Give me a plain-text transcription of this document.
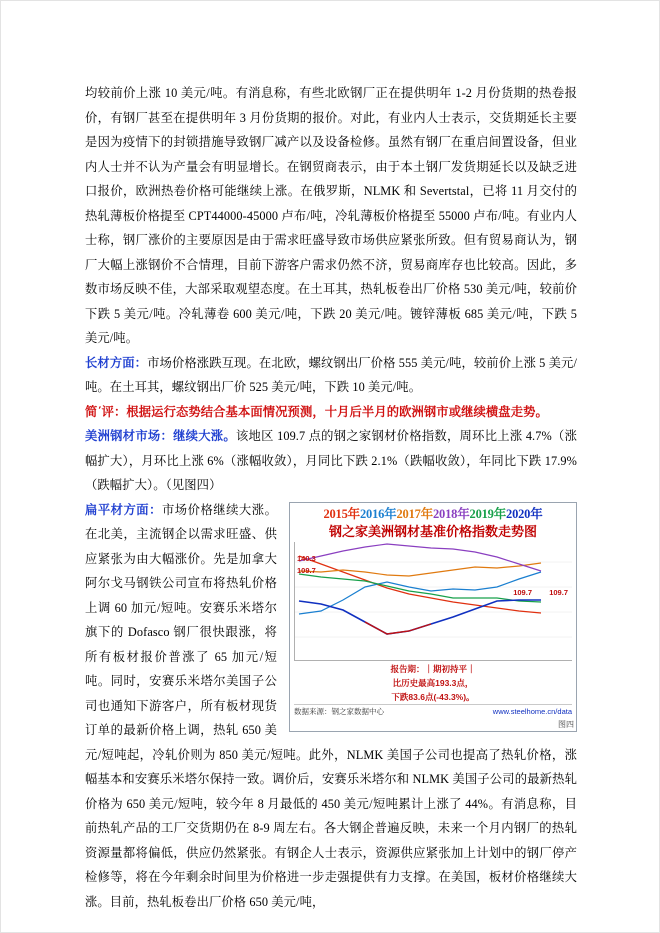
均较前价上涨 10 美元/吨。有消息称，有些北欧钢厂正在提供明年 1-2 月份货期的热卷报价，有钢厂甚至在提供明年 3 月份货期的报价。对此，有业内人士表示，交货期延长主要是因为疫情下的封锁措施导致钢厂减产以及设备检修。虽然有钢厂在重启间置设备，但业内人士并不认为产量会有明显增长。在钢贸商表示，由于本土钢厂发货期延长以及缺乏进口报价，欧洲热卷价格可能继续上涨。在俄罗斯，NLMK 和 Severtstal，已将 11 月交付的热轧薄板价格提至 CPT44000-45000 卢布/吨，冷轧薄板价格提至 55000 卢布/吨。有业内人士称，钢厂涨价的主要原因是由于需求旺盛导致市场供应紧张所致。但有贸易商认为，钢厂大幅上涨钢价不合情理，目前下游客户需求仍然不济，贸易商库存也比较高。因此，多数市场反映不佳，大部采取观望态度。在土耳其，热轧板卷出厂价格 530 美元/吨，较前价下跌 5 美元/吨。冷轧薄卷 600 美元/吨，下跌 20 美元/吨。镀锌薄板 685 美元/吨，下跌 5 美元/吨。

长材方面：市场价格涨跌互现。在北欧，螺纹钢出厂价格 555 美元/吨，较前价上涨 5 美元/吨。在土耳其，螺纹钢出厂价 525 美元/吨，下跌 10 美元/吨。

简΄评：根据运行态势结合基本面情况预测，十月后半月的欧洲钢市或继续横盘走势。

美洲钢材市场：继续大涨。该地区 109.7 点的钢之家钢材价格指数，周环比上涨 4.7%（涨幅扩大），月环比上涨 6%（涨幅收敛），月同比下跌 2.1%（跌幅收敛），年同比下跌 17.9%（跌幅扩大）。（见图四）

2015年2016年2017年2018年2019年2020年
钢之家美洲钢材基准价格指数走势图
140.3
109.7
109.7 109.7
报告期：｜期初持平｜
比历史最高193.3点，
下跌83.6点(-43.3%)。
数据来源：钢之家数据中心	www.steelhome.cn/data
图四

扁平材方面：市场价格继续大涨。在北美，主流钢企以需求旺盛、供应紧张为由大幅涨价。先是加拿大阿尔戈马钢铁公司宣布将热轧价格上调 60 加元/短吨。安赛乐米塔尔旗下的 Dofasco 钢厂很快跟涨，将所有板材报价普涨了 65 加元/短吨。同时，安赛乐米塔尔美国子公司也通知下游客户，所有板材现货订单的最新价格上调，热轧 650 美元/短吨起，冷轧价则为 850 美元/短吨。此外，NLMK 美国子公司也提高了热轧价格，涨幅基本和安赛乐米塔尔保持一致。调价后，安赛乐米塔尔和 NLMK 美国子公司的最新热轧价格为 650 美元/短吨，较今年 8 月最低的 450 美元/短吨累计上涨了 44%。有消息称，目前热轧产品的工厂交货期仍在 8-9 周左右。各大钢企普遍反映，未来一个月内钢厂的热轧资源量都将偏低，供应仍然紧张。有钢企人士表示，资源供应紧张加上计划中的钢厂停产检修等，将在今年剩余时间里为价格进一步走强提供有力支撑。在美国，板材价格继续大涨。目前，热轧板卷出厂价格 650 美元/吨，
